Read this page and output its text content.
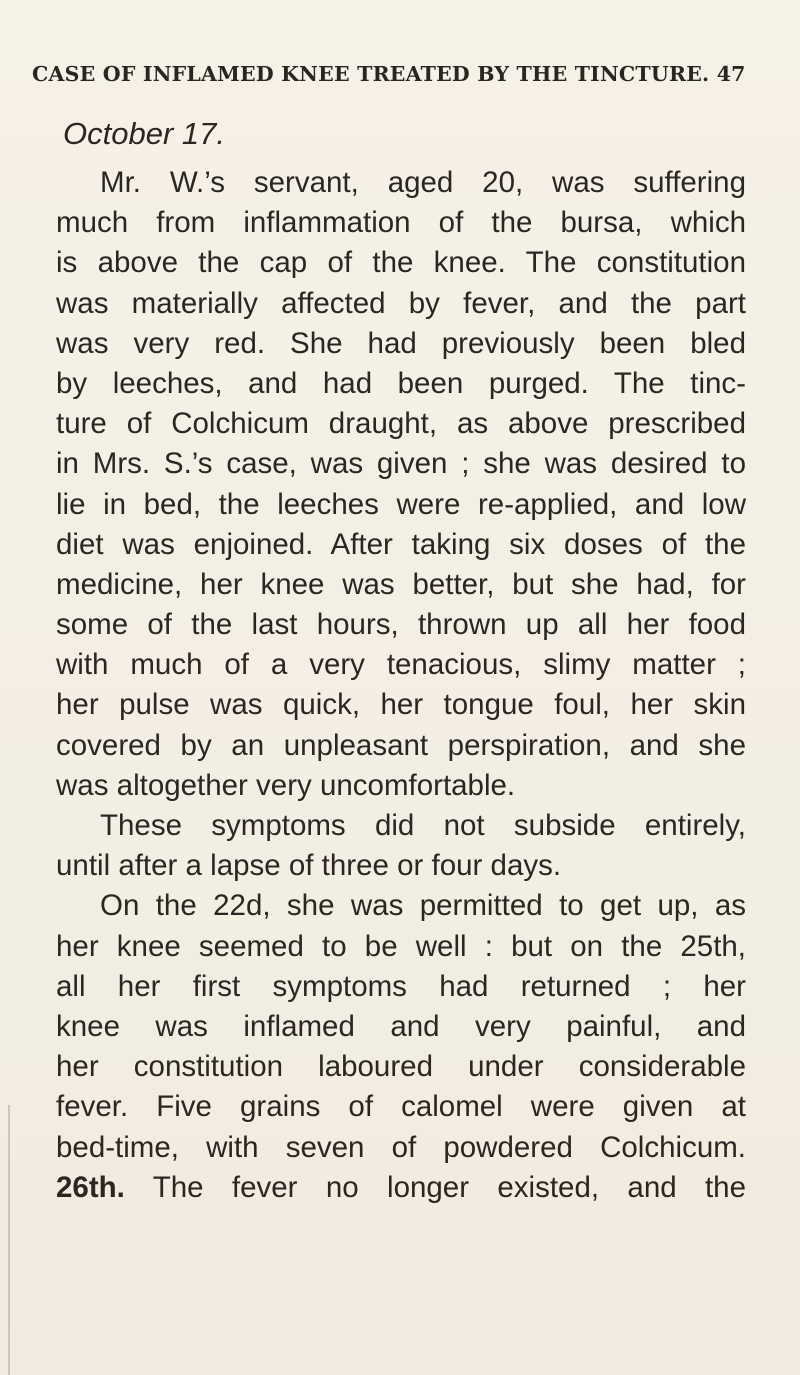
CASE OF INFLAMED KNEE TREATED BY THE TINCTURE. 47
October 17.
Mr. W.’s servant, aged 20, was suffering
much from inflammation of the bursa, which
is above the cap of the knee. The constitution
was materially affected by fever, and the part
was very red. She had previously been bled
by leeches, and had been purged. The tinc-
ture of Colchicum draught, as above prescribed
in Mrs. S.’s case, was given ; she was desired to
lie in bed, the leeches were re-applied, and low
diet was enjoined. After taking six doses of the
medicine, her knee was better, but she had, for
some of the last hours, thrown up all her food
with much of a very tenacious, slimy matter ;
her pulse was quick, her tongue foul, her skin
covered by an unpleasant perspiration, and she
was altogether very uncomfortable.
These symptoms did not subside entirely,
until after a lapse of three or four days.
On the 22d, she was permitted to get up, as
her knee seemed to be well : but on the 25th,
all her first symptoms had returned ; her
knee was inflamed and very painful, and
her constitution laboured under considerable
fever. Five grains of calomel were given at
bed-time, with seven of powdered Colchicum.
26th. The fever no longer existed, and the
